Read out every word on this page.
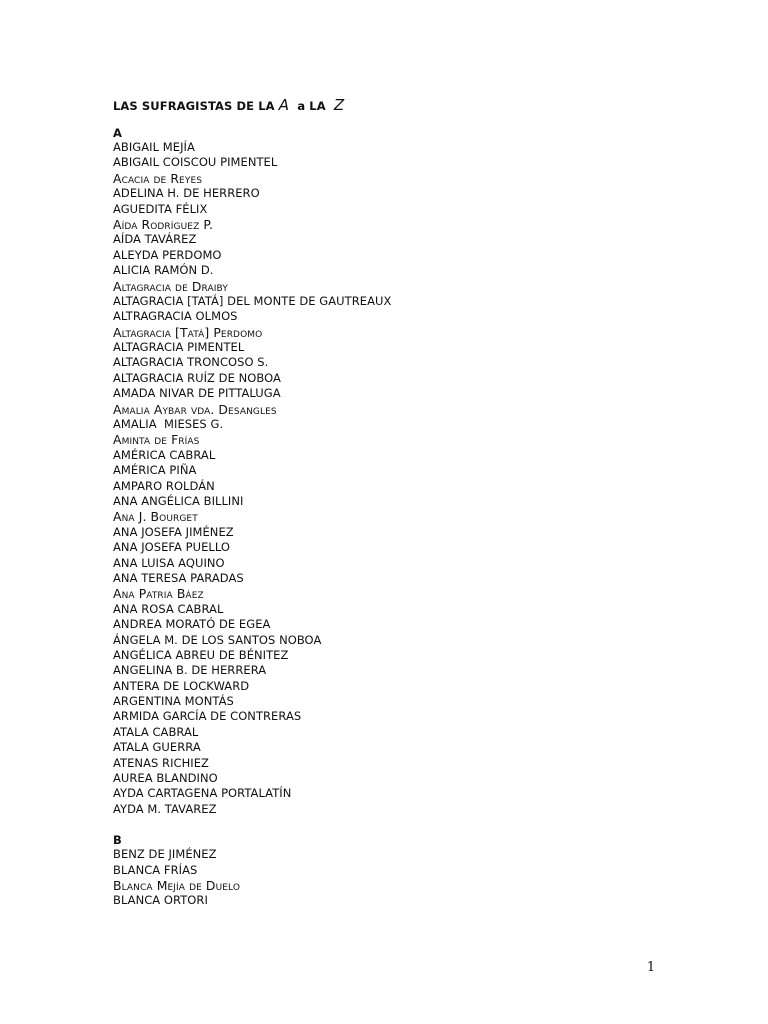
LAS SUFRAGISTAS DE LA A  a LA  Z
A
ABIGAIL MEJÍA
ABIGAIL COISCOU PIMENTEL
Acacia de Reyes
ADELINA H. DE HERRERO
AGUEDITA FÉLIX
Aída Rodríguez P.
AÍDA TAVÁREZ
ALEYDA PERDOMO
ALICIA RAMÓN D.
Altagracia de Draiby
ALTAGRACIA [TATÁ] DEL MONTE DE GAUTREAUX
ALTRAGRACIA OLMOS
Altagracia [Tatá] Perdomo
ALTAGRACIA PIMENTEL
ALTAGRACIA TRONCOSO S.
ALTAGRACIA RUÍZ DE NOBOA
AMADA NIVAR DE PITTALUGA
Amalia Aybar vda. Desangles
AMALIA  MIESES G.
Aminta de Frías
AMÉRICA CABRAL
AMÉRICA PIÑA
AMPARO ROLDÁN
ANA ANGÉLICA BILLINI
Ana J. Bourget
ANA JOSEFA JIMÉNEZ
ANA JOSEFA PUELLO
ANA LUISA AQUINO
ANA TERESA PARADAS
Ana Patria Báez
ANA ROSA CABRAL
ANDREA MORATÓ DE EGEA
ÁNGELA M. DE LOS SANTOS NOBOA
ANGÉLICA ABREU DE BÉNITEZ
ANGELINA B. DE HERRERA
ANTERA DE LOCKWARD
ARGENTINA MONTÁS
ARMIDA GARCÍA DE CONTRERAS
ATALA CABRAL
ATALA GUERRA
ATENAS RICHIEZ
AUREA BLANDINO
AYDA CARTAGENA PORTALATÍN
AYDA M. TAVAREZ
B
BENZ DE JIMÉNEZ
BLANCA FRÍAS
Blanca Mejía de Duelo
BLANCA ORTORI
1
